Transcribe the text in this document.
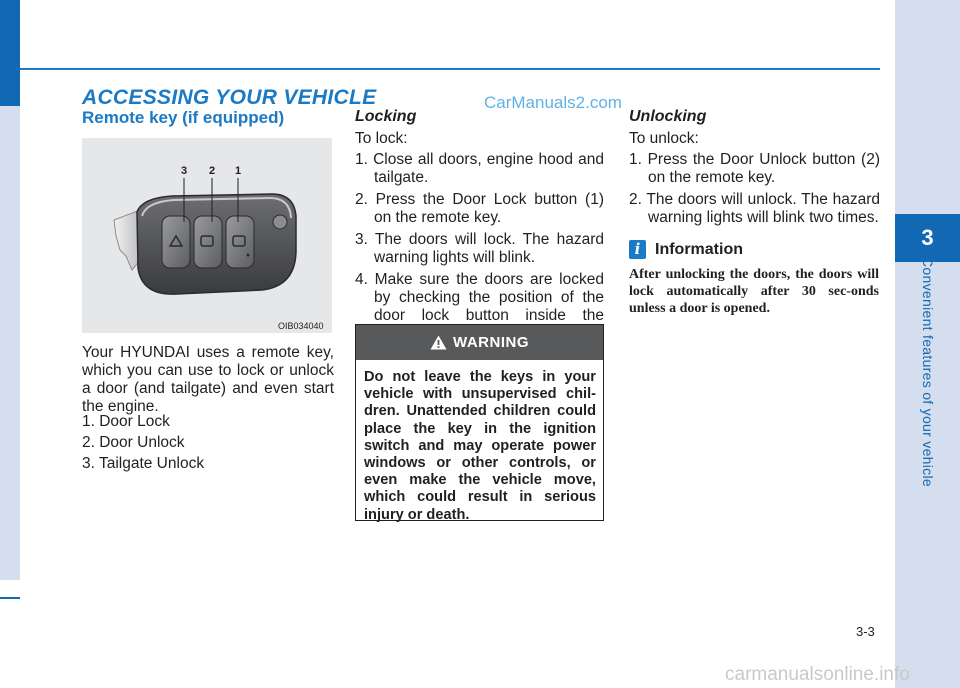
3
Convenient features of your vehicle
ACCESSING YOUR VEHICLE	CarManuals2.com
Remote key (if equipped)
3 2 1
OIB034040
Your HYUNDAI uses a remote key, which you can use to lock or unlock a door (and tailgate) and even start the engine.
1. Door Lock
2. Door Unlock
3. Tailgate Unlock
Locking
To lock:
1. Close all doors, engine hood and tailgate.
2. Press the Door Lock button (1) on the remote key.
3. The doors will lock. The hazard warning lights will blink.
4. Make sure the doors are locked by checking the position of the door lock button inside the
WARNING
Do not leave the keys in your vehicle with unsupervised chil-dren. Unattended children could place the key in the ignition switch and may operate power windows or other controls, or even make the vehicle move, which could result in serious injury or death.
Unlocking
To unlock:
1. Press the Door Unlock button (2) on the remote key.
2. The doors will unlock. The hazard warning lights will blink two times.
i Information
After unlocking the doors, the doors will lock automatically after 30 sec-onds unless a door is opened.
3-3
carmanualsonline.info
